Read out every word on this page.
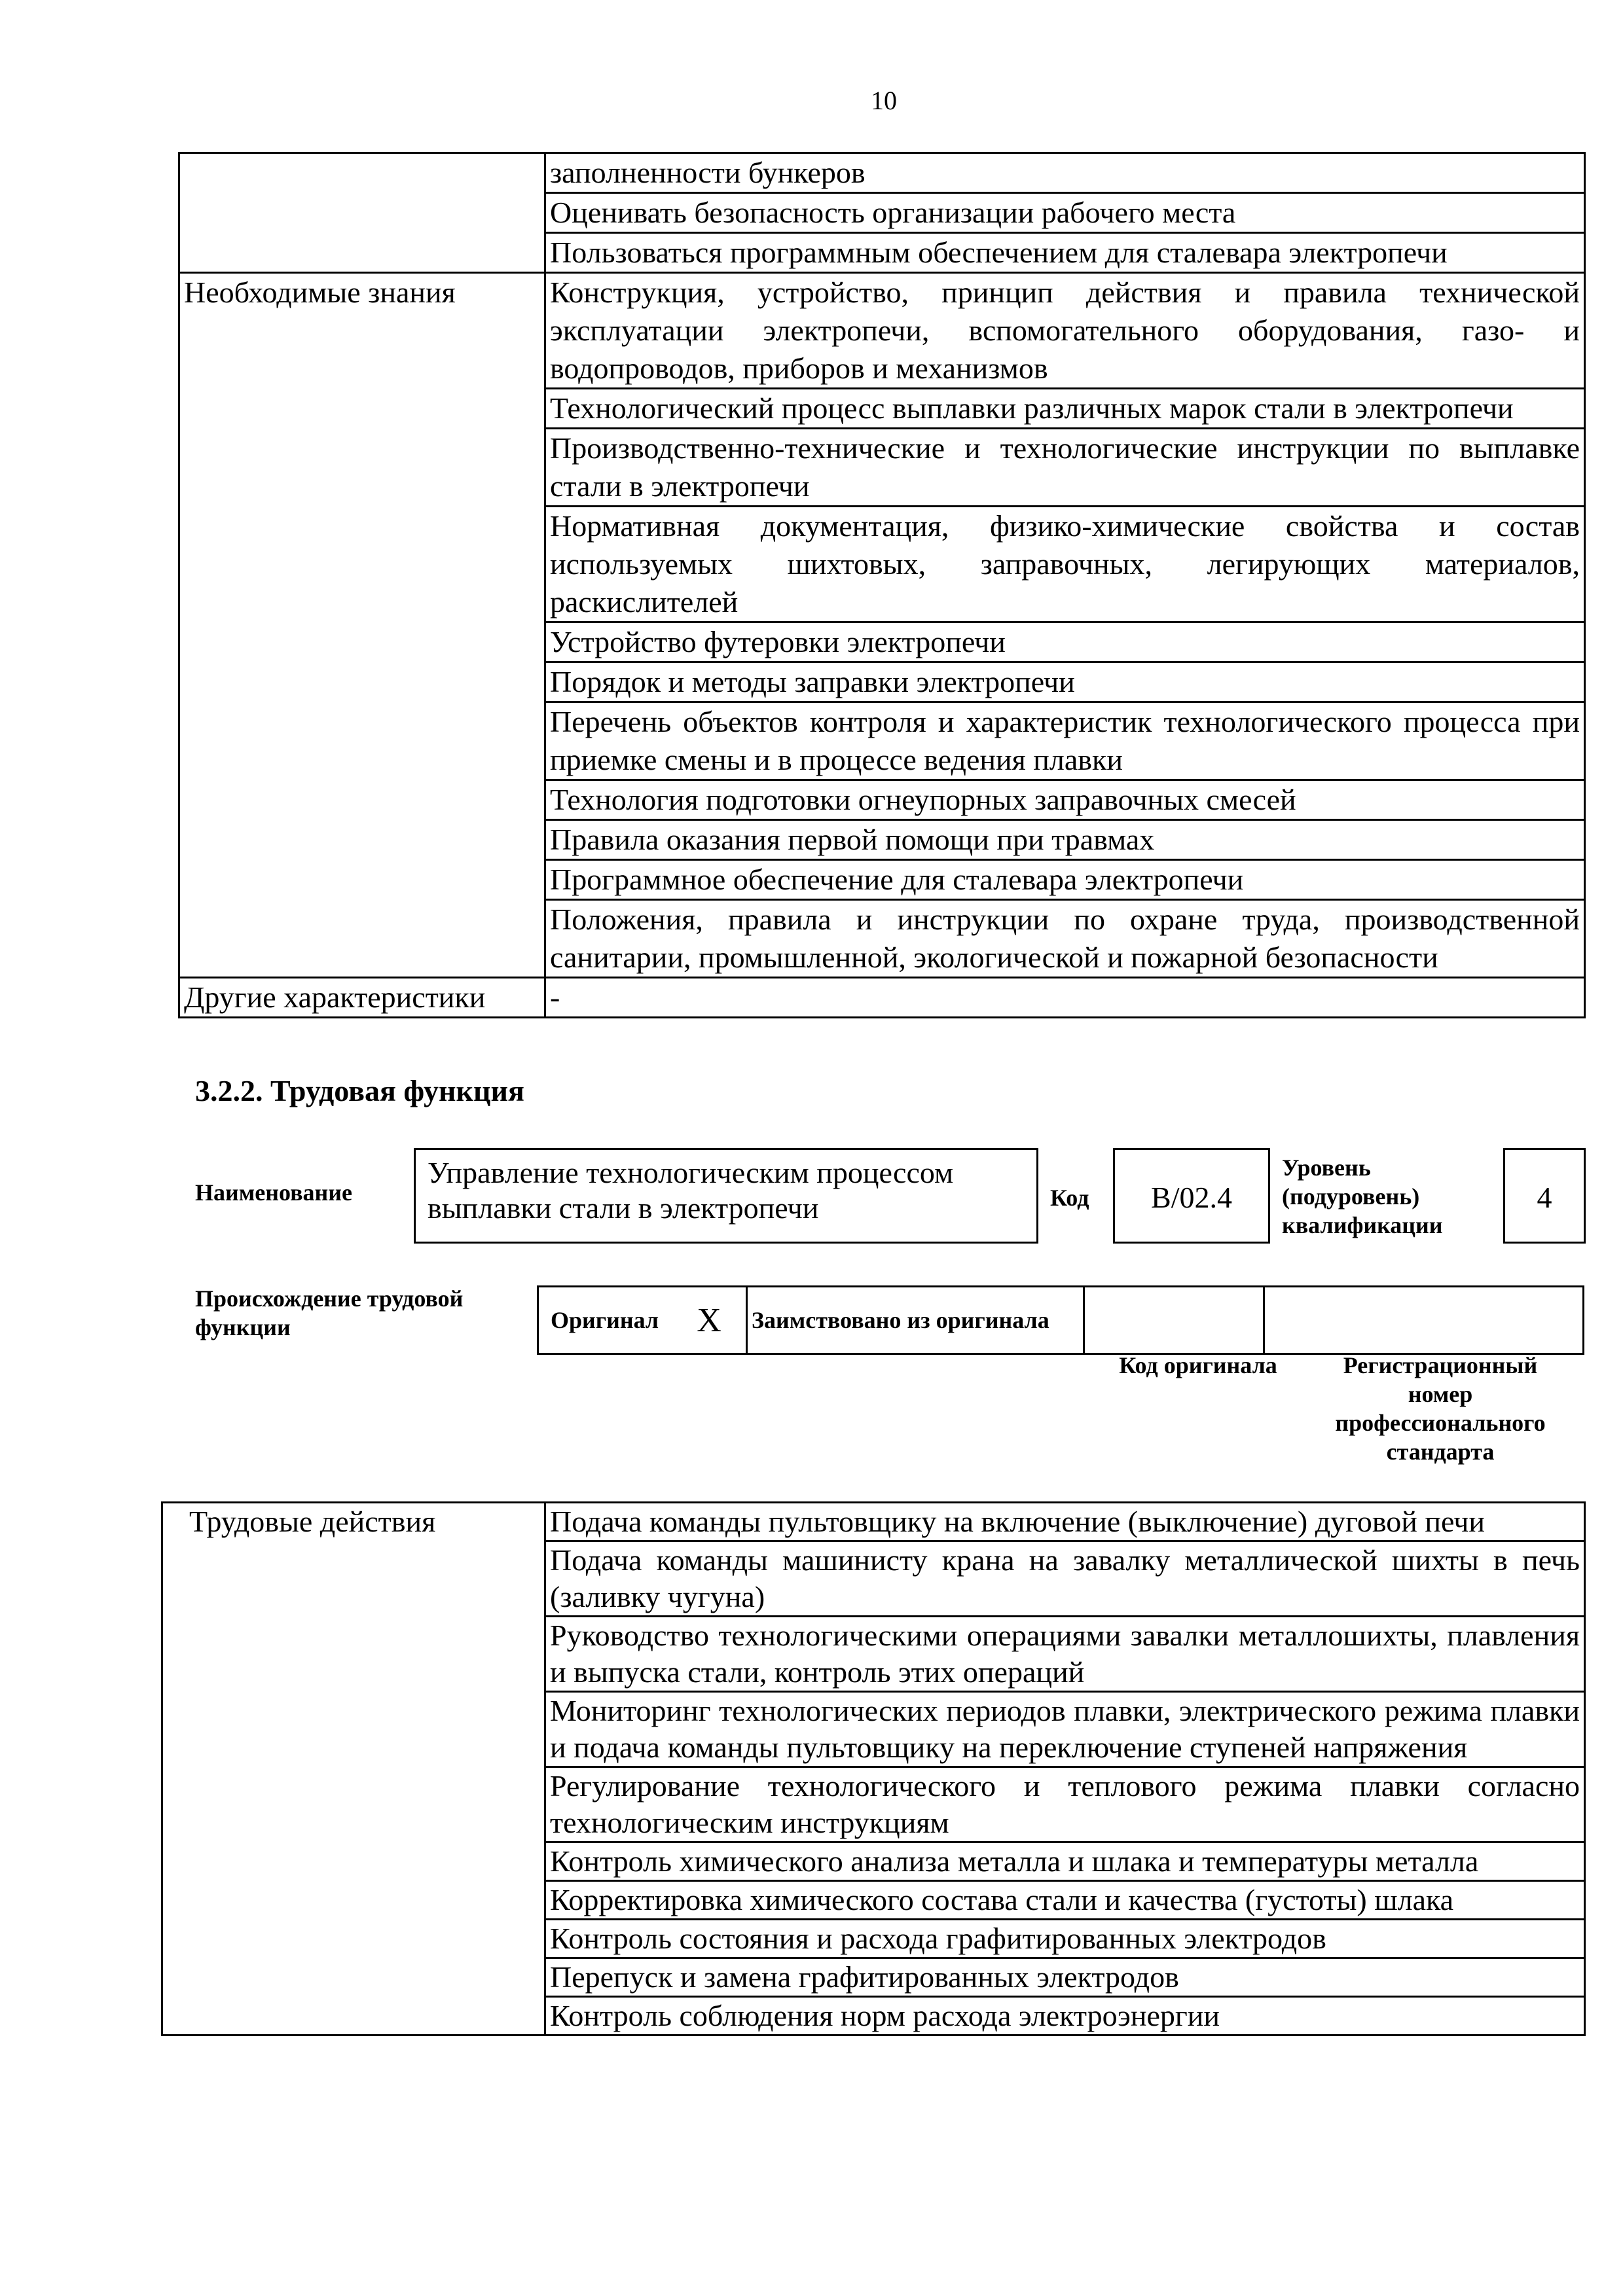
10
	заполненности бункеров
	Оценивать безопасность организации рабочего места
	Пользоваться программным обеспечением для сталевара электропечи
Необходимые знания	Конструкция, устройство, принцип действия и правила технической эксплуатации электропечи, вспомогательного оборудования, газо- и водопроводов, приборов и механизмов
	Технологический процесс выплавки различных марок стали в электропечи
	Производственно-технические и технологические инструкции по выплавке стали в электропечи
	Нормативная документация, физико-химические свойства и состав используемых шихтовых, заправочных, легирующих материалов, раскислителей
	Устройство футеровки электропечи
	Порядок и методы заправки электропечи
	Перечень объектов контроля и характеристик технологического процесса при приемке смены и в процессе ведения плавки
	Технология подготовки огнеупорных заправочных смесей
	Правила оказания первой помощи при травмах
	Программное обеспечение для сталевара электропечи
	Положения, правила и инструкции по охране труда, производственной санитарии, промышленной, экологической и пожарной безопасности
Другие характеристики	-
3.2.2. Трудовая функция
Наименование
Управление технологическим процессом выплавки стали в электропечи	Код	B/02.4
Уровень (подуровень) квалификации
4
Происхождение трудовой функции	Оригинал	X	Заимствовано из оригинала		
Код оригинала	Регистрационный номер профессионального стандарта
Трудовые действия	Подача команды пультовщику на включение (выключение) дуговой печи
Подача команды машинисту крана на завалку металлической шихты в печь (заливку чугуна)
Руководство технологическими операциями завалки металлошихты, плавления и выпуска стали, контроль этих операций
Мониторинг технологических периодов плавки, электрического режима плавки и подача команды пультовщику на переключение ступеней напряжения
Регулирование технологического и теплового режима плавки согласно технологическим инструкциям
Контроль химического анализа металла и шлака и температуры металла
Корректировка химического состава стали и качества (густоты) шлака
Контроль состояния и расхода графитированных электродов
Перепуск и замена графитированных электродов
Контроль соблюдения норм расхода электроэнергии
